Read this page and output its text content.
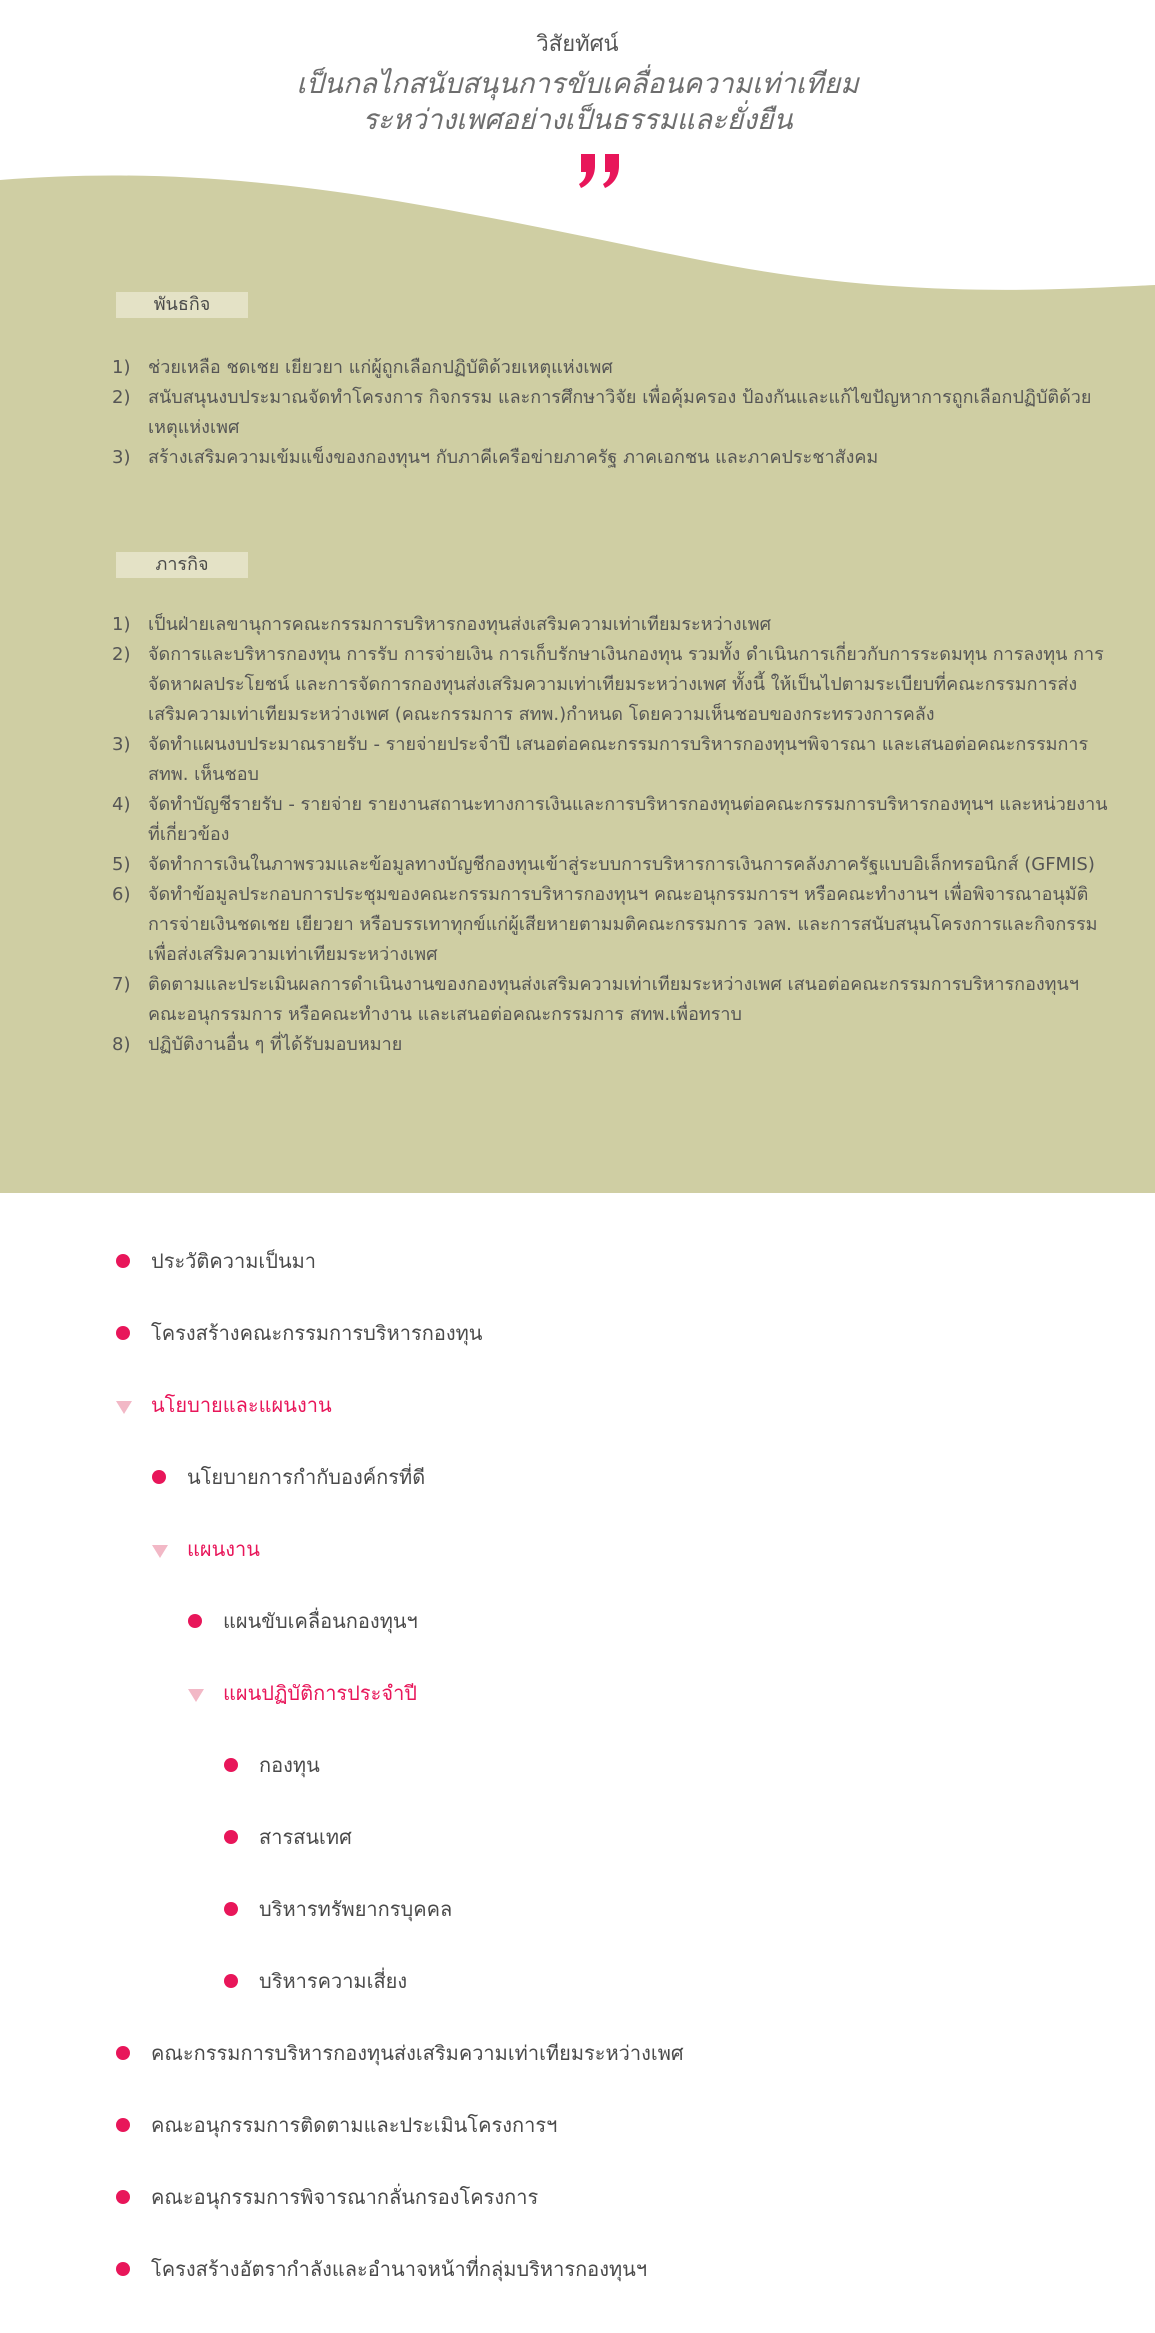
วิสัยทัศน์
เป็นกลไกสนับสนุนการขับเคลื่อนความเท่าเทียม
ระหว่างเพศอย่างเป็นธรรมและยั่งยืน
พันธกิจ
1) ช่วยเหลือ ชดเชย เยียวยา แก่ผู้ถูกเลือกปฏิบัติด้วยเหตุแห่งเพศ
2) สนับสนุนงบประมาณจัดทำโครงการ กิจกรรม และการศึกษาวิจัย เพื่อคุ้มครอง ป้องกันและแก้ไขปัญหาการถูกเลือกปฏิบัติด้วยเหตุแห่งเพศ
3) สร้างเสริมความเข้มแข็งของกองทุนฯ กับภาคีเครือข่ายภาครัฐ ภาคเอกชน และภาคประชาสังคม
ภารกิจ
1) เป็นฝ่ายเลขานุการคณะกรรมการบริหารกองทุนส่งเสริมความเท่าเทียมระหว่างเพศ
2) จัดการและบริหารกองทุน การรับ การจ่ายเงิน การเก็บรักษาเงินกองทุน รวมทั้ง ดำเนินการเกี่ยวกับการระดมทุน การลงทุน การจัดหาผลประโยชน์ และการจัดการกองทุนส่งเสริมความเท่าเทียมระหว่างเพศ ทั้งนี้ ให้เป็นไปตามระเบียบที่คณะกรรมการส่งเสริมความเท่าเทียมระหว่างเพศ (คณะกรรมการ สทพ.)กำหนด โดยความเห็นชอบของกระทรวงการคลัง
3) จัดทำแผนงบประมาณรายรับ - รายจ่ายประจำปี เสนอต่อคณะกรรมการบริหารกองทุนฯพิจารณา และเสนอต่อคณะกรรมการ สทพ. เห็นชอบ
4) จัดทำบัญชีรายรับ - รายจ่าย รายงานสถานะทางการเงินและการบริหารกองทุนต่อคณะกรรมการบริหารกองทุนฯ และหน่วยงานที่เกี่ยวข้อง
5) จัดทำการเงินในภาพรวมและข้อมูลทางบัญชีกองทุนเข้าสู่ระบบการบริหารการเงินการคลังภาครัฐแบบอิเล็กทรอนิกส์ (GFMIS)
6) จัดทำข้อมูลประกอบการประชุมของคณะกรรมการบริหารกองทุนฯ คณะอนุกรรมการฯ หรือคณะทำงานฯ เพื่อพิจารณาอนุมัติการจ่ายเงินชดเชย เยียวยา หรือบรรเทาทุกข์แก่ผู้เสียหายตามมติคณะกรรมการ วลพ. และการสนับสนุนโครงการและกิจกรรมเพื่อส่งเสริมความเท่าเทียมระหว่างเพศ
7) ติดตามและประเมินผลการดำเนินงานของกองทุนส่งเสริมความเท่าเทียมระหว่างเพศ เสนอต่อคณะกรรมการบริหารกองทุนฯ คณะอนุกรรมการ หรือคณะทำงาน และเสนอต่อคณะกรรมการ สทพ.เพื่อทราบ
8) ปฏิบัติงานอื่น ๆ ที่ได้รับมอบหมาย
ประวัติความเป็นมา
โครงสร้างคณะกรรมการบริหารกองทุน
นโยบายและแผนงาน
นโยบายการกำกับองค์กรที่ดี
แผนงาน
แผนขับเคลื่อนกองทุนฯ
แผนปฏิบัติการประจำปี
กองทุน
สารสนเทศ
บริหารทรัพยากรบุคคล
บริหารความเสี่ยง
คณะกรรมการบริหารกองทุนส่งเสริมความเท่าเทียมระหว่างเพศ
คณะอนุกรรมการติดตามและประเมินโครงการฯ
คณะอนุกรรมการพิจารณากลั่นกรองโครงการ
โครงสร้างอัตรากำลังและอำนาจหน้าที่กลุ่มบริหารกองทุนฯ
